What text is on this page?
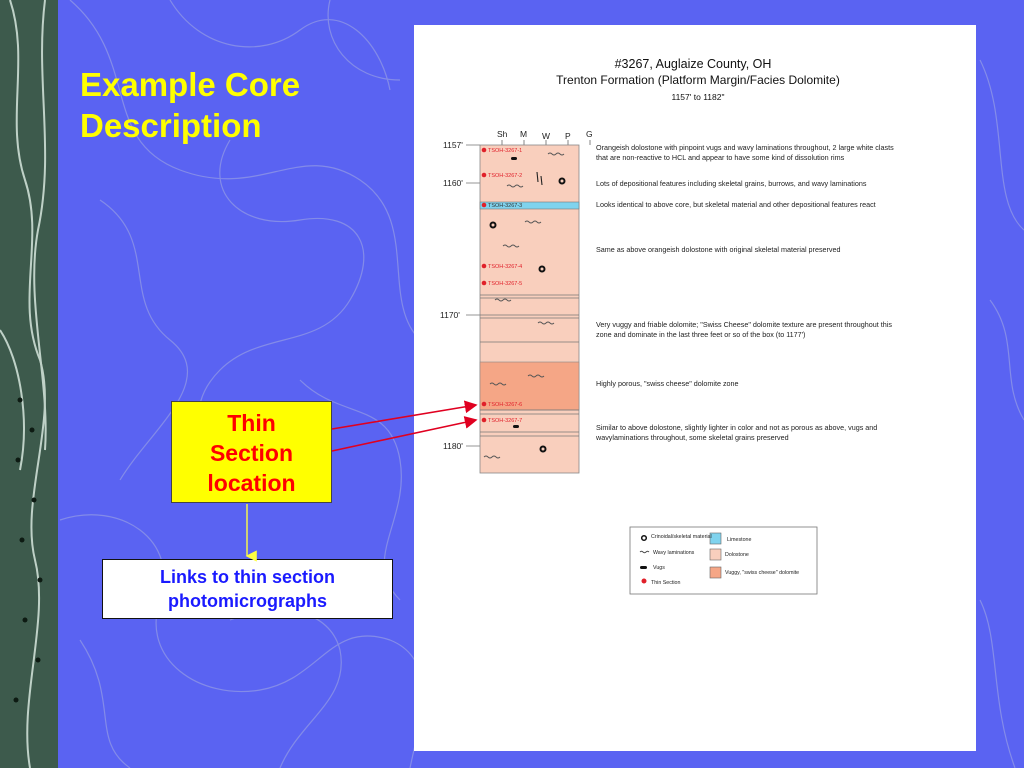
Example Core
Description
Thin
Section
location
Links to thin section photomicrographs
#3267, Auglaize County, OH
Trenton Formation (Platform Margin/Facies Dolomite)
1157' to 1182"
Sh M W P G
1157'
1160'
1170'
1180'
TSOH-3267-1
TSOH-3267-2
TSOH-3267-3
TSOH-3267-4
TSOH-3267-5
TSOH-3267-6
TSOH-3267-7
Orangeish dolostone with pinpoint vugs and wavy laminations throughout, 2 large white clasts
that are non-reactive to HCL and appear to have some kind of dissolution rims
Lots of depositional features including skeletal grains, burrows, and wavy laminations
Looks identical to above core, but skeletal material and other depositional features react
Same as above orangeish dolostone with original skeletal material preserved
Very vuggy and friable dolomite; "Swiss Cheese" dolomite texture are present throughout this
zone and dominate in the last three feet or so of the box (to 1177')
Highly porous, "swiss cheese" dolomite zone
Similar to above dolostone, slightly lighter in color and not as porous as above, vugs and
wavylaminations throughout, some skeletal grains preserved
Crinoidal/skeletal material
Wavy laminations
Vugs
Thin Section
Limestone
Dolostone
Vuggy, "swiss cheese" dolomite
